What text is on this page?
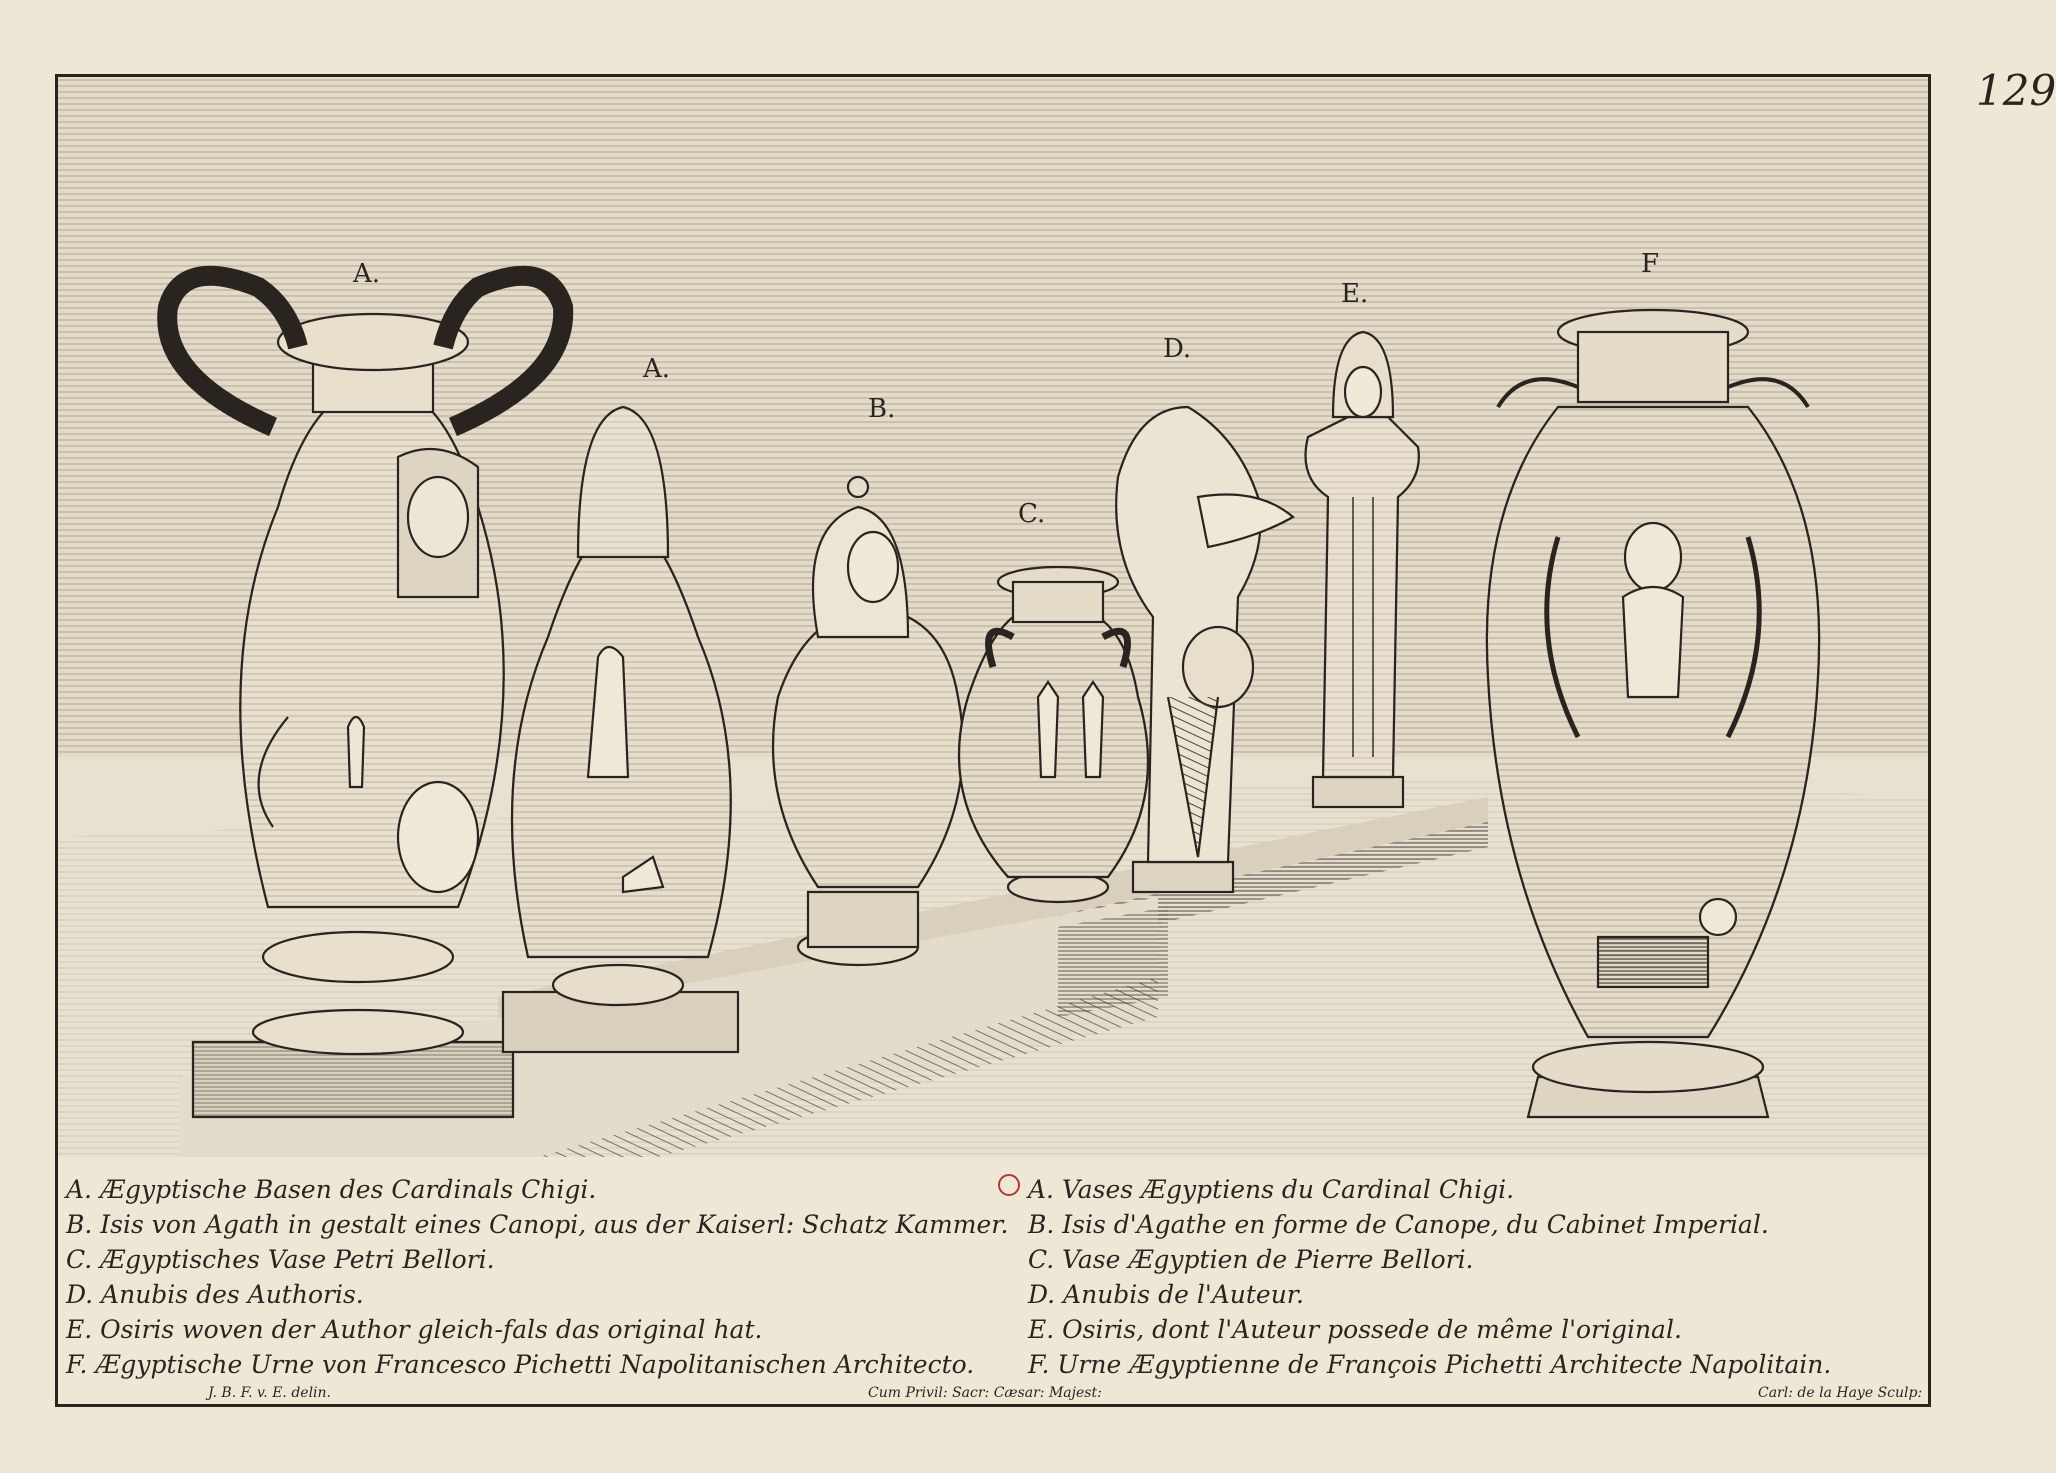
129
A.
A.
B.
C.
D.
E.
F
A. Ægyptische Basen des Cardinals Chigi.
B. Isis von Agath in gestalt eines Canopi, aus der Kaiserl: Schatz Kammer.
C. Ægyptisches Vase Petri Bellori.
D. Anubis des Authoris.
E. Osiris woven der Author gleich-fals das original hat.
F. Ægyptische Urne von Francesco Pichetti Napolitanischen Architecto.
A. Vases Ægyptiens du Cardinal Chigi.
B. Isis d'Agathe en forme de Canope, du Cabinet Imperial.
C. Vase Ægyptien de Pierre Bellori.
D. Anubis de l'Auteur.
E. Osiris, dont l'Auteur possede de même l'original.
F. Urne Ægyptienne de François Pichetti Architecte Napolitain.
J. B. F. v. E. delin.	Cum Privil: Sacr: Cæsar: Majest:	Carl: de la Haye Sculp:
